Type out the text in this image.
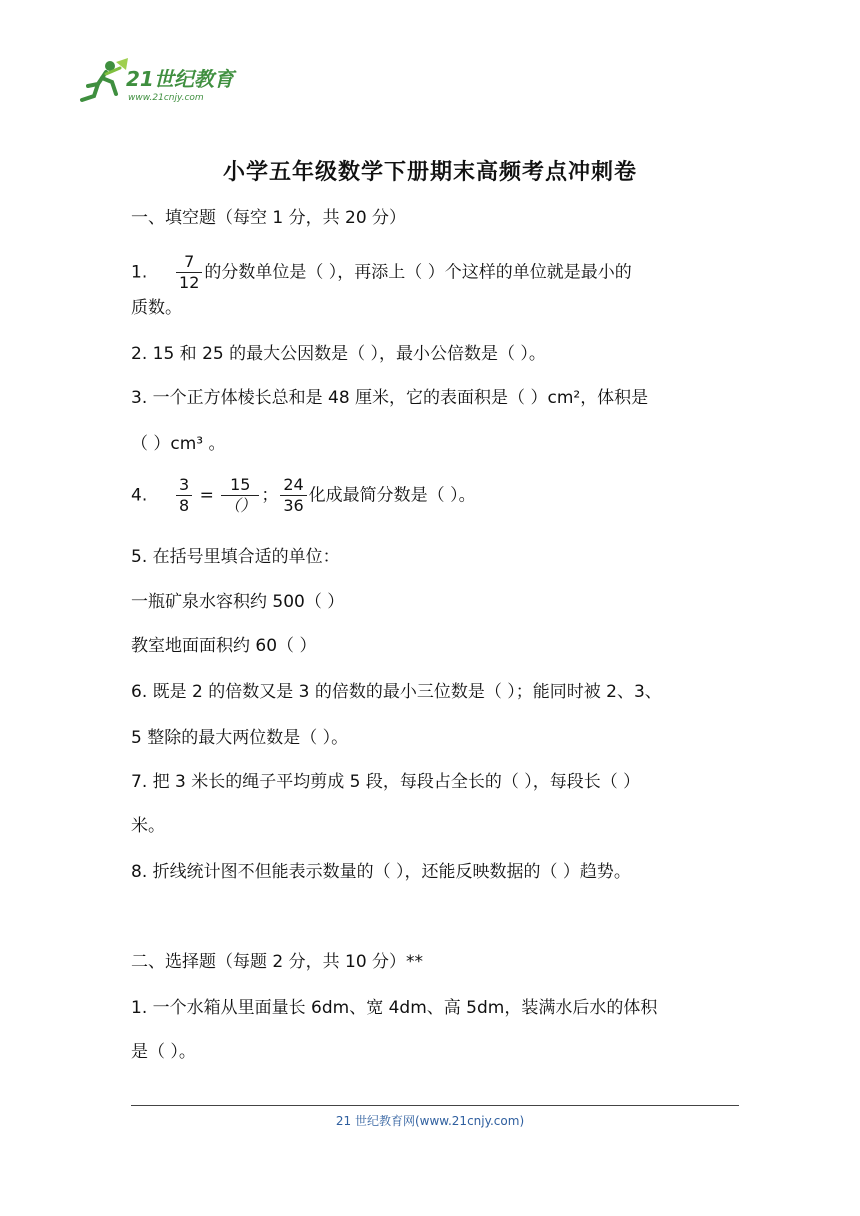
21世纪教育
www.21cnjy.com
小学五年级数学下册期末高频考点冲刺卷
一、填空题（每空 1 分，共 20 分）
1. $\frac{7}{12}$ 的分数单位是（ ），再添上（ ）个这样的单位就是最小的
质数。
2. 15 和 25 的最大公因数是（ ），最小公倍数是（ ）。
3. 一个正方体棱长总和是 48 厘米，它的表面积是（ ）cm²，体积是
（ ）cm³ 。
4. $\frac{3}{8} = \frac{15}{()}$ ； $\frac{24}{36}$ 化成最简分数是（ ）。
5. 在括号里填合适的单位：
一瓶矿泉水容积约 500（ ）
教室地面面积约 60（ ）
6. 既是 2 的倍数又是 3 的倍数的最小三位数是（ ）；能同时被 2、3、
5 整除的最大两位数是（ ）。
7. 把 3 米长的绳子平均剪成 5 段，每段占全长的（ ），每段长（ ）
米。
8. 折线统计图不但能表示数量的（ ），还能反映数据的（ ）趋势。
二、选择题（每题 2 分，共 10 分）**
1. 一个水箱从里面量长 6dm、宽 4dm、高 5dm，装满水后水的体积
是（ ）。
21 世纪教育网(www.21cnjy.com)
